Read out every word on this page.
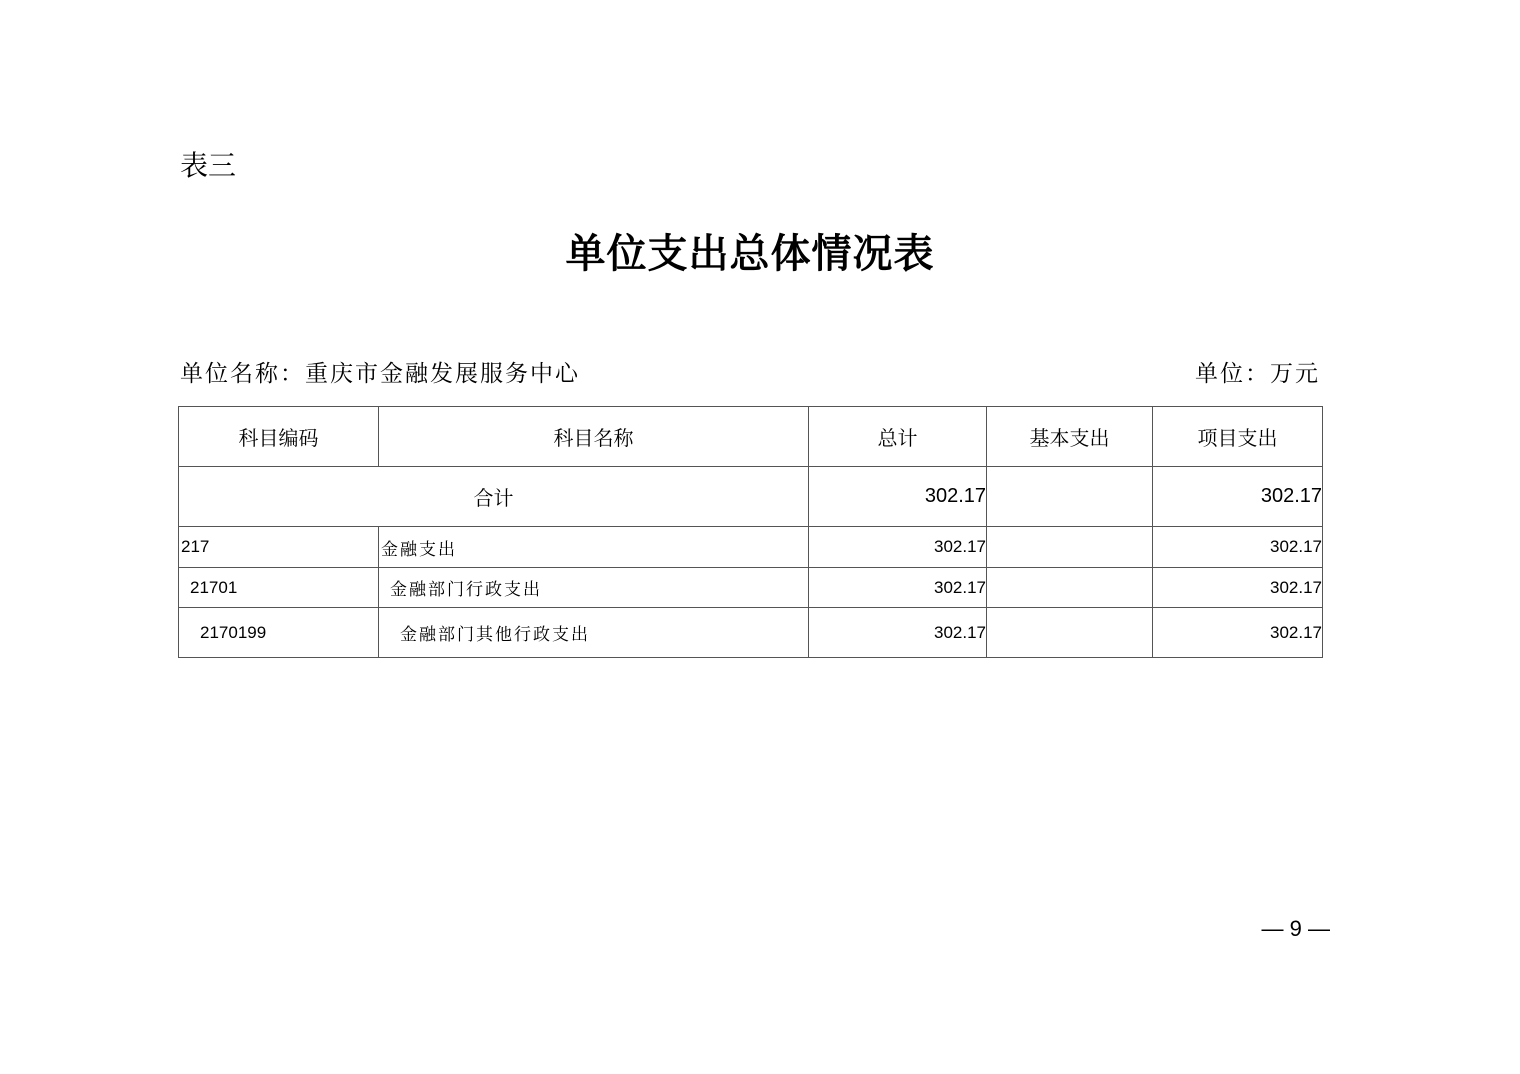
表三
单位支出总体情况表
单位名称：重庆市金融发展服务中心	单位：万元
科目编码	科目名称	总计	基本支出	项目支出
合计		302.17		302.17
217	金融支出	302.17		302.17
21701	金融部门行政支出	302.17		302.17
2170199	金融部门其他行政支出	302.17		302.17
— 9 —
